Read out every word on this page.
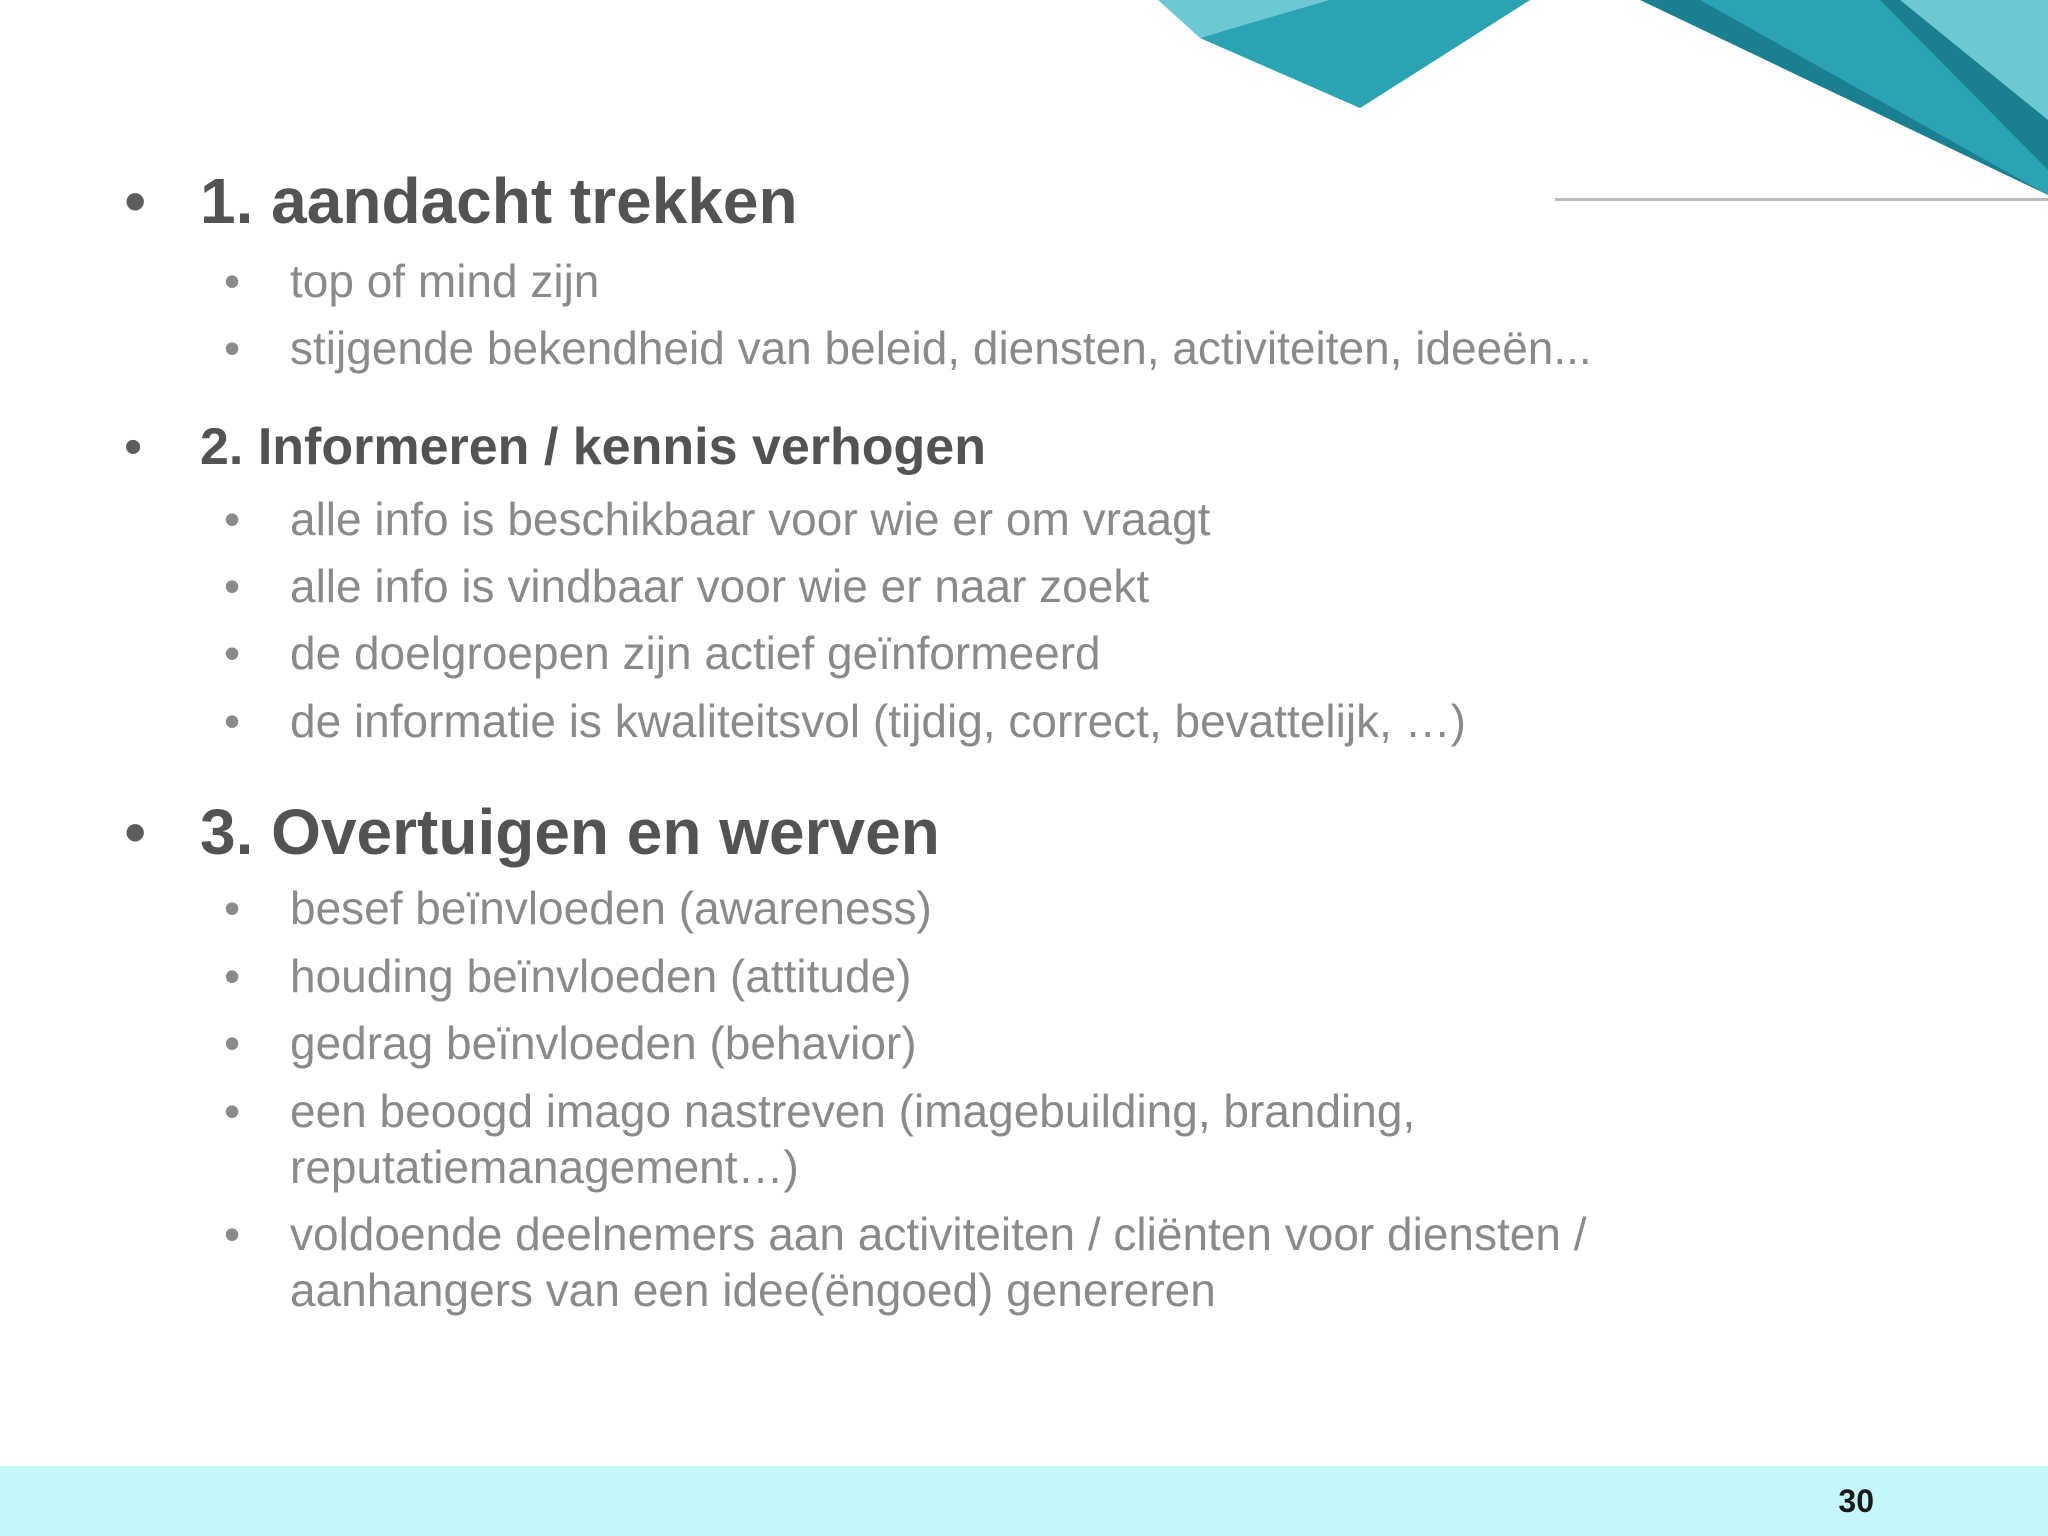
• 1. aandacht trekken
• top of mind zijn
• stijgende bekendheid van beleid, diensten, activiteiten, ideeën...
• 2. Informeren / kennis verhogen
• alle info is beschikbaar voor wie er om vraagt
• alle info is vindbaar voor wie er naar zoekt
• de doelgroepen zijn actief geïnformeerd
• de informatie is kwaliteitsvol (tijdig, correct, bevattelijk, …)
• 3. Overtuigen en werven
• besef beïnvloeden (awareness)
• houding beïnvloeden (attitude)
• gedrag beïnvloeden (behavior)
• een beoogd imago nastreven (imagebuilding, branding,
reputatiemanagement…)
• voldoende deelnemers aan activiteiten / cliënten voor diensten /
aanhangers van een idee(ëngoed) genereren
30
